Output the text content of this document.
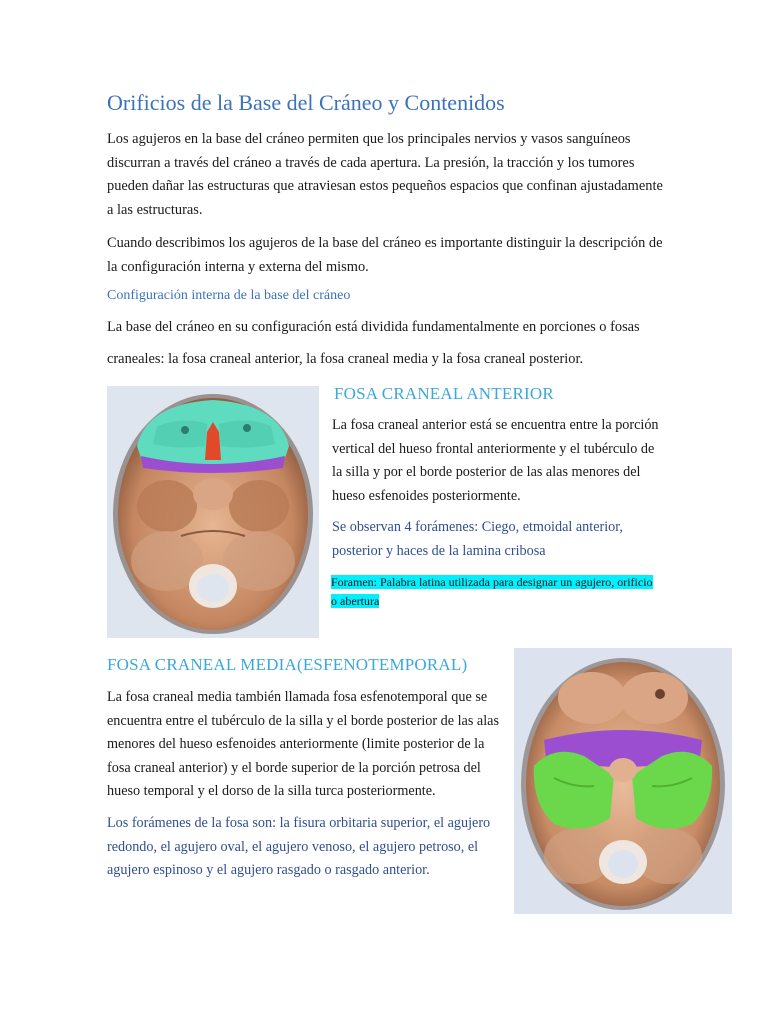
Orificios de la Base del Cráneo y Contenidos

Los agujeros en la base del cráneo permiten que los principales nervios y vasos sanguíneos discurran a través del cráneo a través de cada apertura. La presión, la tracción y los tumores pueden dañar las estructuras que atraviesan estos pequeños espacios que confinan ajustadamente a las estructuras.

Cuando describimos los agujeros de la base del cráneo es importante distinguir la descripción de la configuración interna y externa del mismo.

Configuración interna de la base del cráneo
La base del cráneo en su configuración está dividida fundamentalmente en porciones o fosas
craneales: la fosa craneal anterior, la fosa craneal media y la fosa craneal posterior.
FOSA CRANEAL ANTERIOR

La fosa craneal anterior está se encuentra entre la porción vertical del hueso frontal anteriormente y el tubérculo de la silla y por el borde posterior de las alas menores del hueso esfenoides posteriormente.

Se observan 4 forámenes: Ciego, etmoidal anterior, posterior y haces de la lamina cribosa

Foramen: Palabra latina utilizada para designar un agujero, orificio o abertura
FOSA CRANEAL MEDIA(ESFENOTEMPORAL)

La fosa craneal media también llamada fosa esfenotemporal que se encuentra entre el tubérculo de la silla y el borde posterior de las alas menores del hueso esfenoides anteriormente (limite posterior de la fosa craneal anterior) y el borde superior de la porción petrosa del hueso temporal y el dorso de la silla turca posteriormente.

Los forámenes de la fosa son: la fisura orbitaria superior, el agujero redondo, el agujero oval, el agujero venoso, el agujero petroso, el agujero espinoso y el agujero rasgado o rasgado anterior.
